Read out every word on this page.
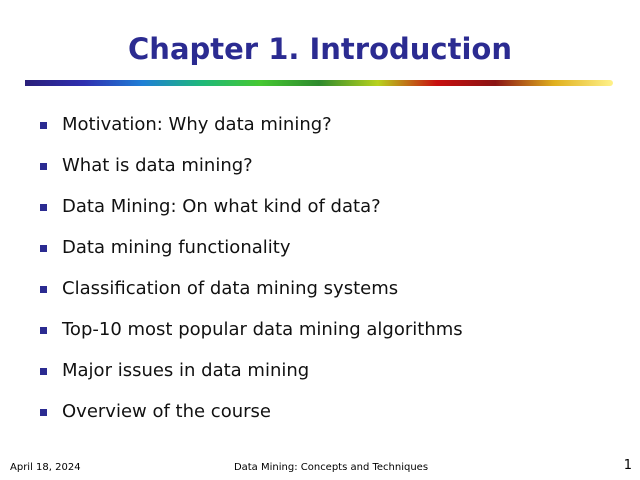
Chapter 1. Introduction
Motivation: Why data mining?
What is data mining?
Data Mining: On what kind of data?
Data mining functionality
Classification of data mining systems
Top-10 most popular data mining algorithms
Major issues in data mining
Overview of the course
April 18, 2024	Data Mining: Concepts and Techniques	1
